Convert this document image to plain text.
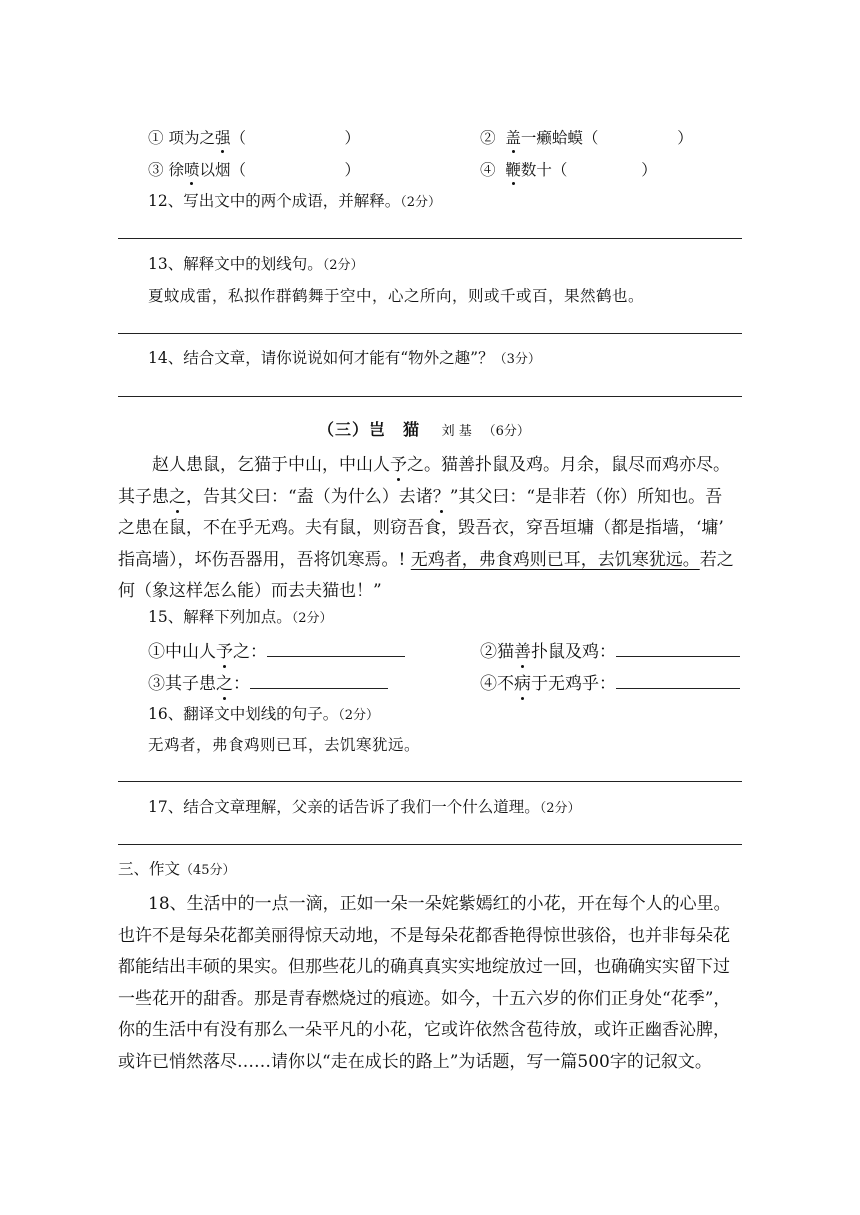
① 项为之强（                    ）	② 盖一癞蛤蟆（                ）
③ 徐喷以烟（                    ）	④ 鞭数十（               ）
12、写出文中的两个成语，并解释。（2分）
13、解释文中的划线句。（2分）
夏蚊成雷，私拟作群鹤舞于空中，心之所向，则或千或百，果然鹤也。
14、结合文章，请你说说如何才能有“物外之趣”？（3分）
（三）岂　猫 刘 基 （6分）

赵人患鼠，乞猫于中山，中山人予之。猫善扑鼠及鸡。月余，鼠尽而鸡亦尽。

其子患之，告其父曰：“盍（为什么）去诸？”其父曰：“是非若（你）所知也。吾

之患在鼠，不在乎无鸡。夫有鼠，则窃吾食，毁吾衣，穿吾垣墉（都是指墙，‘墉’

指高墙），坏伤吾器用，吾将饥寒焉。! 无鸡者，弗食鸡则已耳，去饥寒犹远。若之

何（象这样怎么能）而去夫猫也！”

15、解释下列加点。（2分）
①中山人予之：	②猫善扑鼠及鸡：
③其子患之：	④不病于无鸡乎：
16、翻译文中划线的句子。（2分）
无鸡者，弗食鸡则已耳，去饥寒犹远。
17、结合文章理解，父亲的话告诉了我们一个什么道理。（2分）
三、作文（45分）

18、生活中的一点一滴，正如一朵一朵姹紫嫣红的小花，开在每个人的心里。

也许不是每朵花都美丽得惊天动地，不是每朵花都香艳得惊世骇俗，也并非每朵花

都能结出丰硕的果实。但那些花儿的确真真实实地绽放过一回，也确确实实留下过

一些花开的甜香。那是青春燃烧过的痕迹。如今，十五六岁的你们正身处“花季”，

你的生活中有没有那么一朵平凡的小花，它或许依然含苞待放，或许正幽香沁脾，

或许已悄然落尽……请你以“走在成长的路上”为话题，写一篇500字的记叙文。
